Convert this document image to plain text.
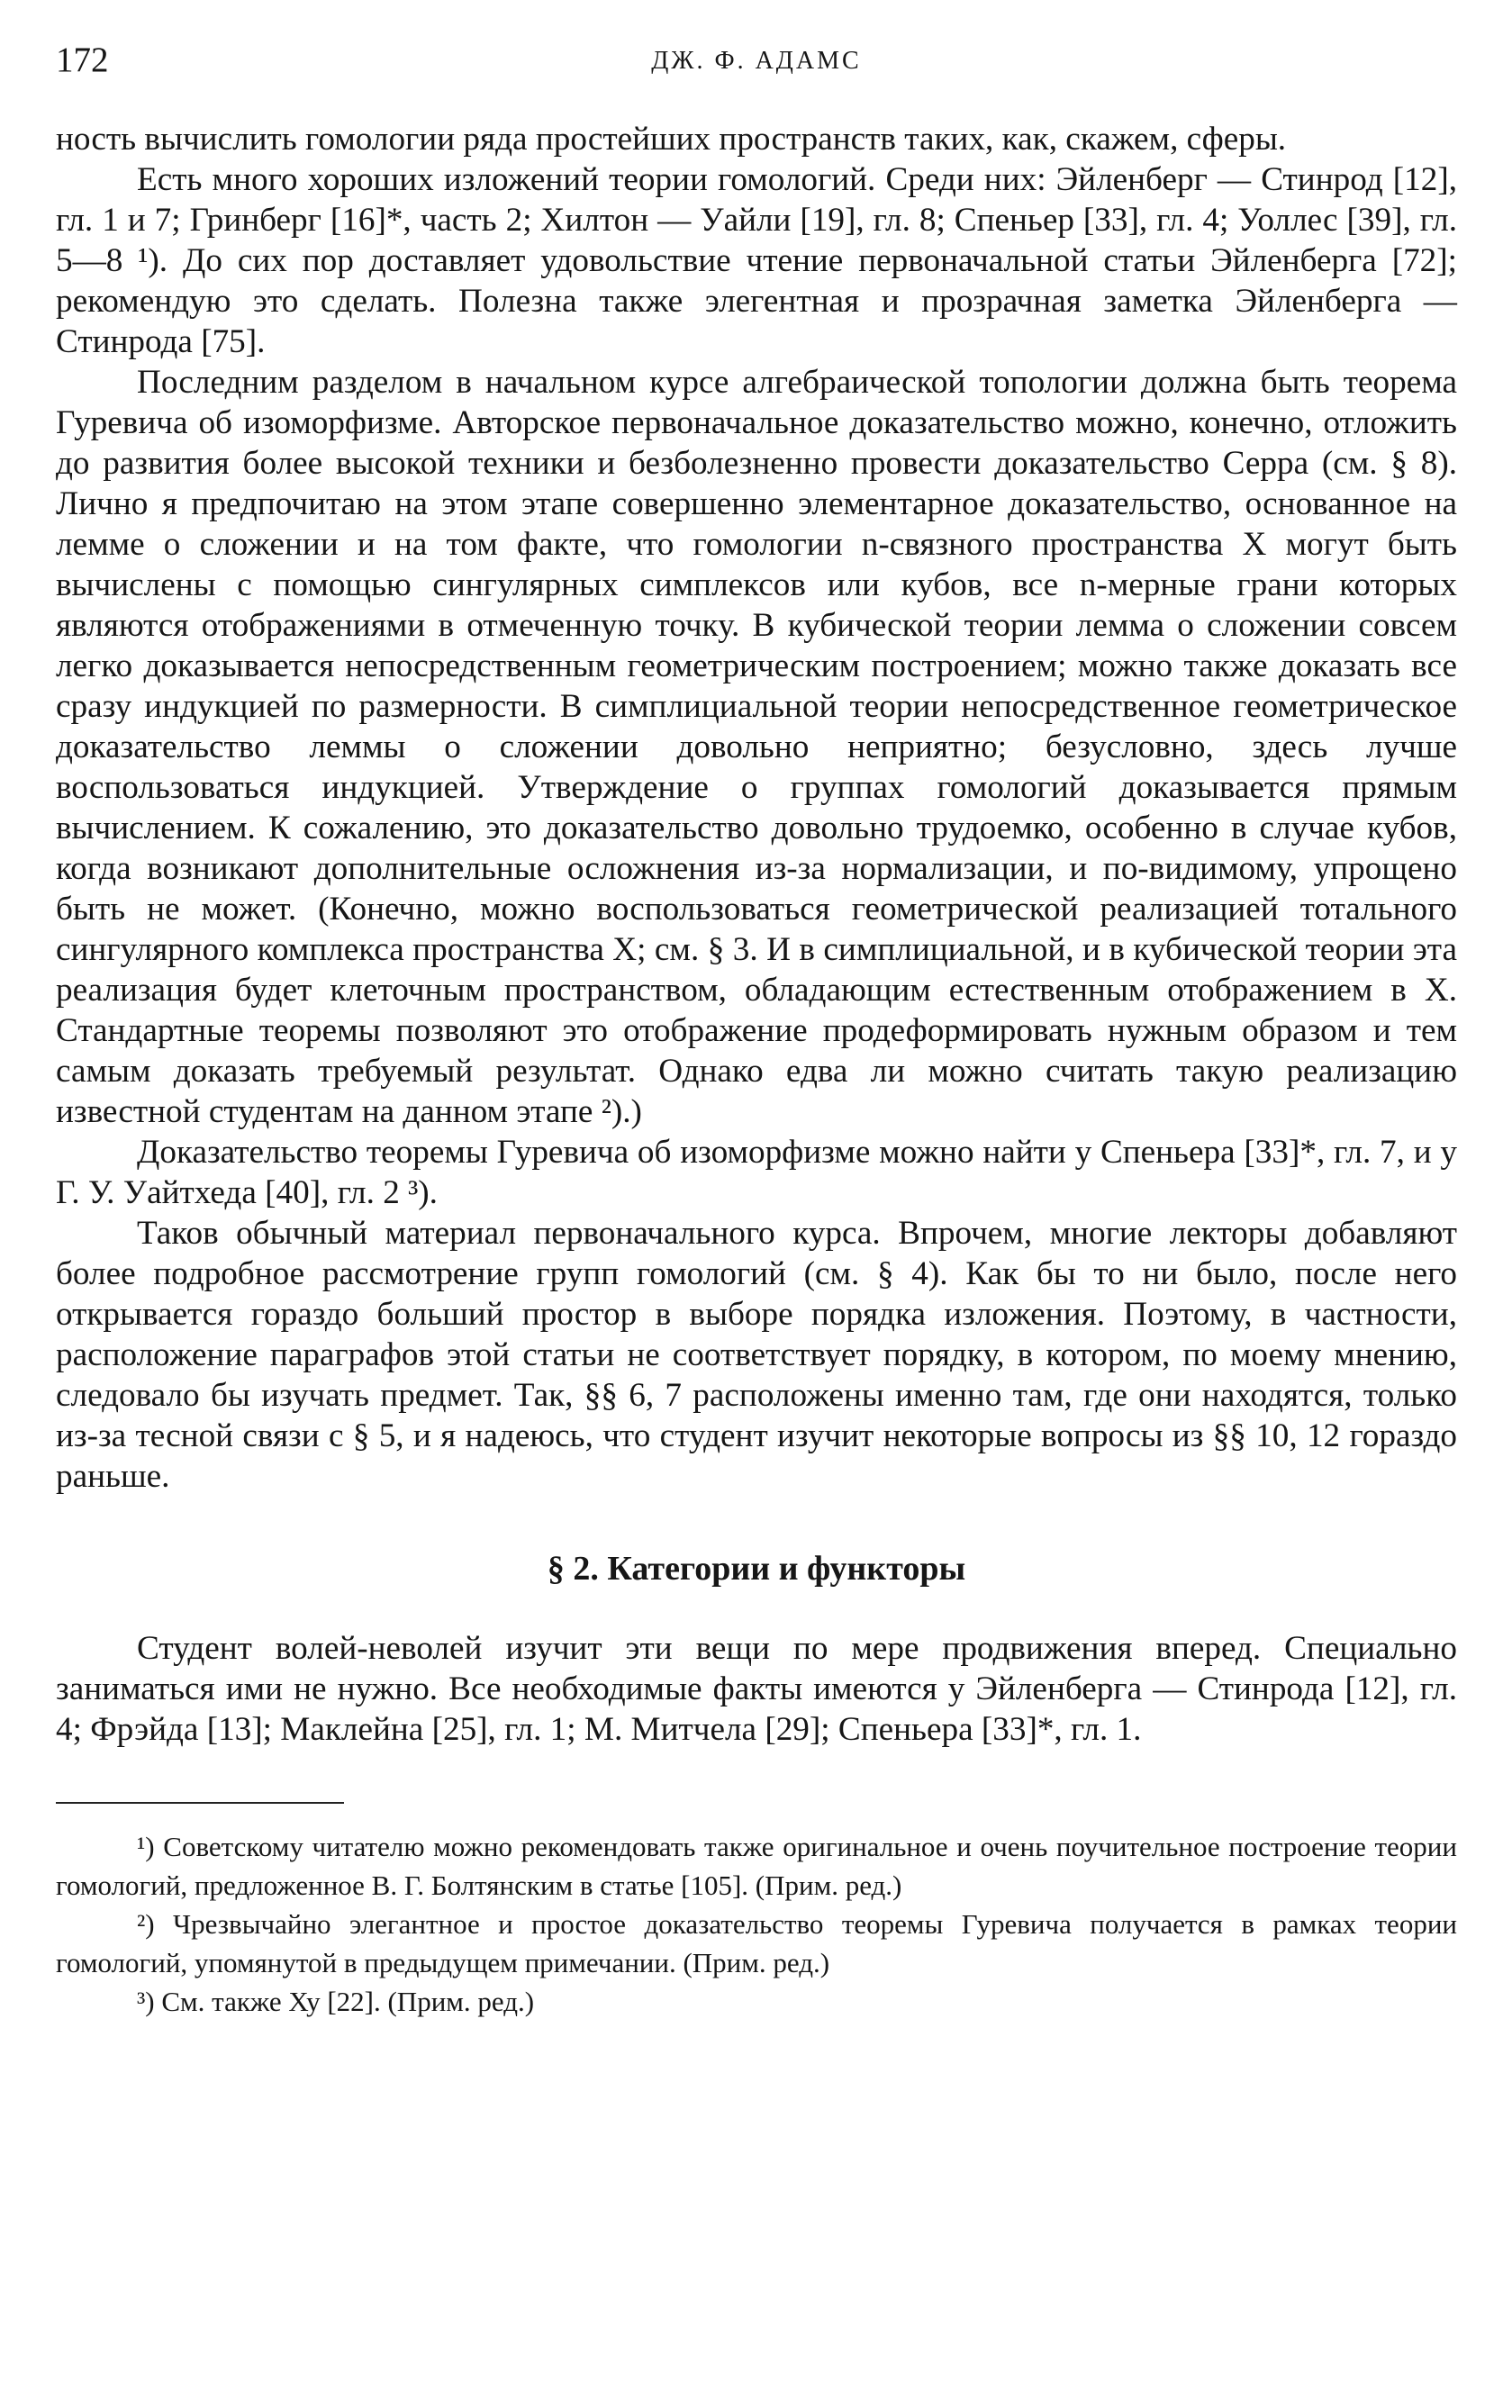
172	ДЖ. Ф. АДАМС

ность вычислить гомологии ряда простейших пространств таких, как, скажем, сферы.

Есть много хороших изложений теории гомологий. Среди них: Эйленберг — Стинрод [12], гл. 1 и 7; Гринберг [16]*, часть 2; Хилтон — Уайли [19], гл. 8; Спеньер [33], гл. 4; Уоллес [39], гл. 5—8 ¹). До сих пор доставляет удовольствие чтение первоначальной статьи Эйленберга [72]; рекомендую это сделать. Полезна также элегентная и прозрачная заметка Эйленберга — Стинрода [75].

Последним разделом в начальном курсе алгебраической топологии должна быть теорема Гуревича об изоморфизме. Авторское первоначальное доказательство можно, конечно, отложить до развития более высокой техники и безболезненно провести доказательство Серра (см. § 8). Лично я предпочитаю на этом этапе совершенно элементарное доказательство, основанное на лемме о сложении и на том факте, что гомологии n-связного пространства X могут быть вычислены с помощью сингулярных симплексов или кубов, все n-мерные грани которых являются отображениями в отмеченную точку. В кубической теории лемма о сложении совсем легко доказывается непосредственным геометрическим построением; можно также доказать все сразу индукцией по размерности. В симплициальной теории непосредственное геометрическое доказательство леммы о сложении довольно неприятно; безусловно, здесь лучше воспользоваться индукцией. Утверждение о группах гомологий доказывается прямым вычислением. К сожалению, это доказательство довольно трудоемко, особенно в случае кубов, когда возникают дополнительные осложнения из-за нормализации, и по-видимому, упрощено быть не может. (Конечно, можно воспользоваться геометрической реализацией тотального сингулярного комплекса пространства X; см. § 3. И в симплициальной, и в кубической теории эта реализация будет клеточным пространством, обладающим естественным отображением в X. Стандартные теоремы позволяют это отображение продеформировать нужным образом и тем самым доказать требуемый результат. Однако едва ли можно считать такую реализацию известной студентам на данном этапе ²).)

Доказательство теоремы Гуревича об изоморфизме можно найти у Спеньера [33]*, гл. 7, и у Г. У. Уайтхеда [40], гл. 2 ³).

Таков обычный материал первоначального курса. Впрочем, многие лекторы добавляют более подробное рассмотрение групп гомологий (см. § 4). Как бы то ни было, после него открывается гораздо больший простор в выборе порядка изложения. Поэтому, в частности, расположение параграфов этой статьи не соответствует порядку, в котором, по моему мнению, следовало бы изучать предмет. Так, §§ 6, 7 расположены именно там, где они находятся, только из-за тесной связи с § 5, и я надеюсь, что студент изучит некоторые вопросы из §§ 10, 12 гораздо раньше.

§ 2. Категории и функторы

Студент волей-неволей изучит эти вещи по мере продвижения вперед. Специально заниматься ими не нужно. Все необходимые факты имеются у Эйленберга — Стинрода [12], гл. 4; Фрэйда [13]; Маклейна [25], гл. 1; М. Митчела [29]; Спеньера [33]*, гл. 1.

¹) Советскому читателю можно рекомендовать также оригинальное и очень поучительное построение теории гомологий, предложенное В. Г. Болтянским в статье [105]. (Прим. ред.)

²) Чрезвычайно элегантное и простое доказательство теоремы Гуревича получается в рамках теории гомологий, упомянутой в предыдущем примечании. (Прим. ред.)

³) См. также Ху [22]. (Прим. ред.)
